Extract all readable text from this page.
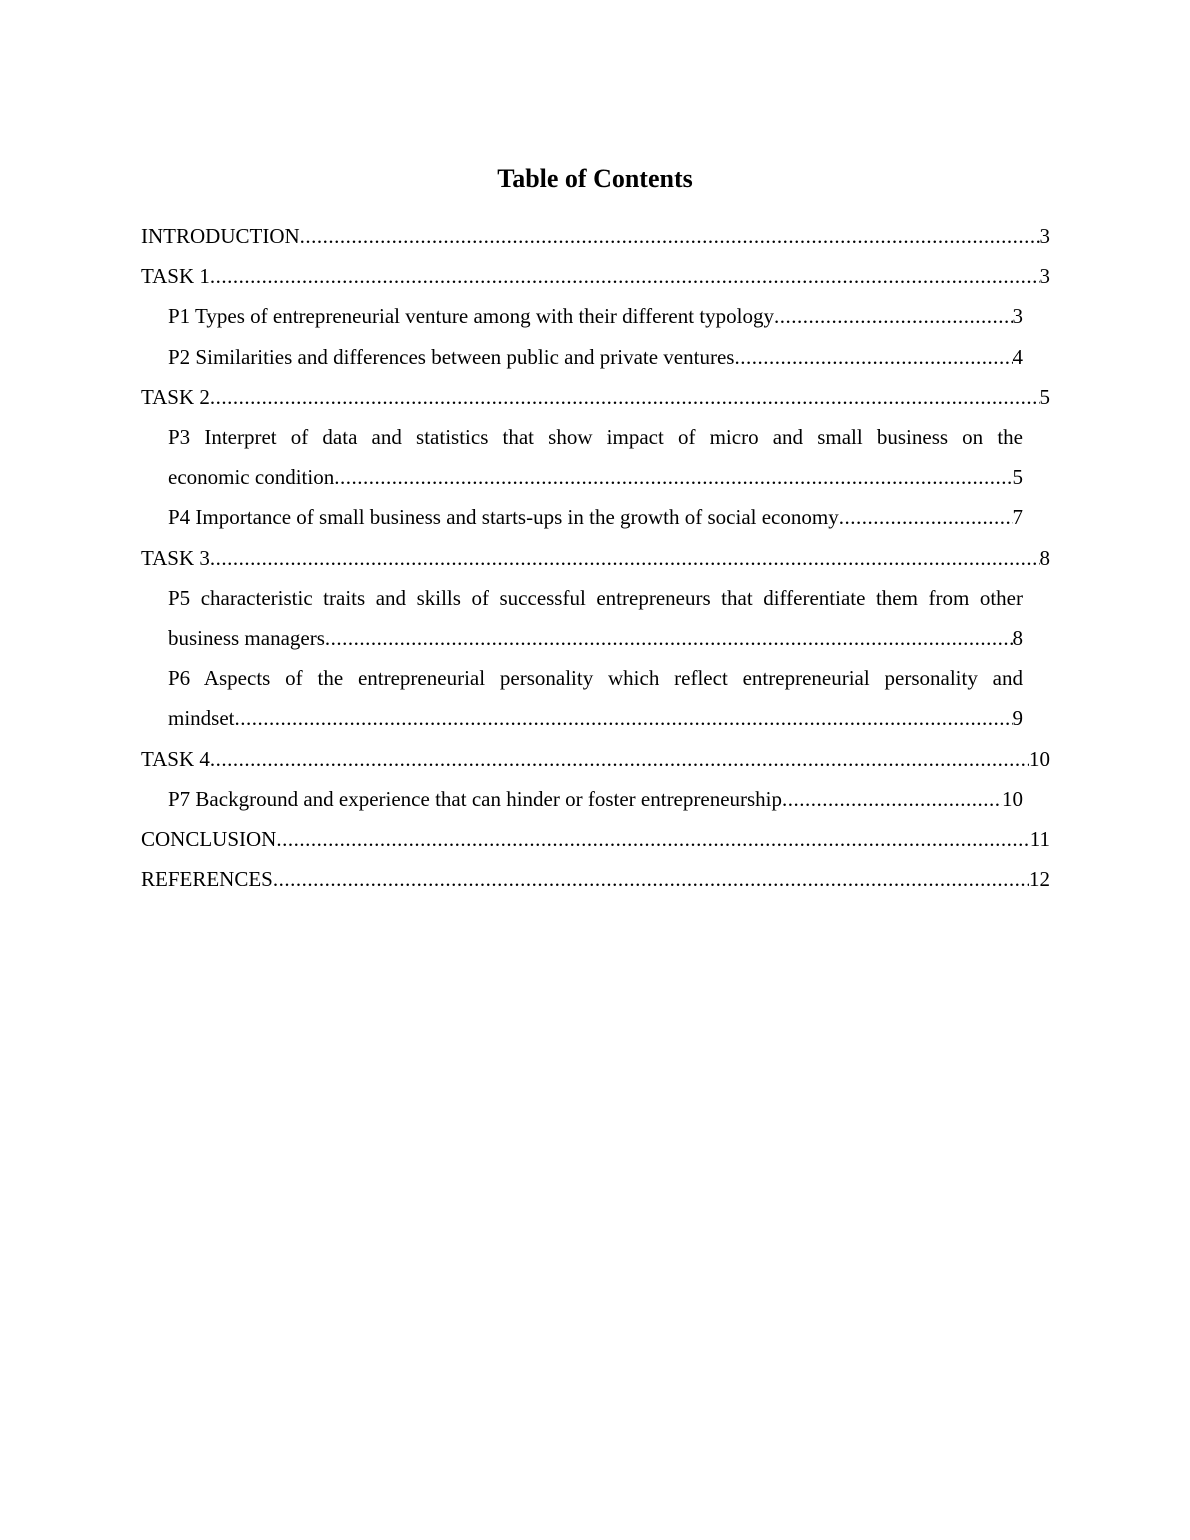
Table of Contents
INTRODUCTION .....	3
TASK 1 .....	3
P1 Types of entrepreneurial venture among with their different typology .....	3
P2 Similarities and differences between public and private ventures .....	4
TASK 2 .....	5
P3 Interpret of data and statistics that show impact of micro and small business on the
economic condition .....	5
P4 Importance of small business and starts-ups in the growth of social economy .....	7
TASK 3 .....	8
P5 characteristic traits and skills of successful entrepreneurs that differentiate them from other
business managers .....	8
P6 Aspects of the entrepreneurial personality which reflect entrepreneurial personality and
mindset .....	9
TASK 4 .....	10
P7 Background and experience that can hinder or foster entrepreneurship .....	10
CONCLUSION .....	11
REFERENCES .....	12
